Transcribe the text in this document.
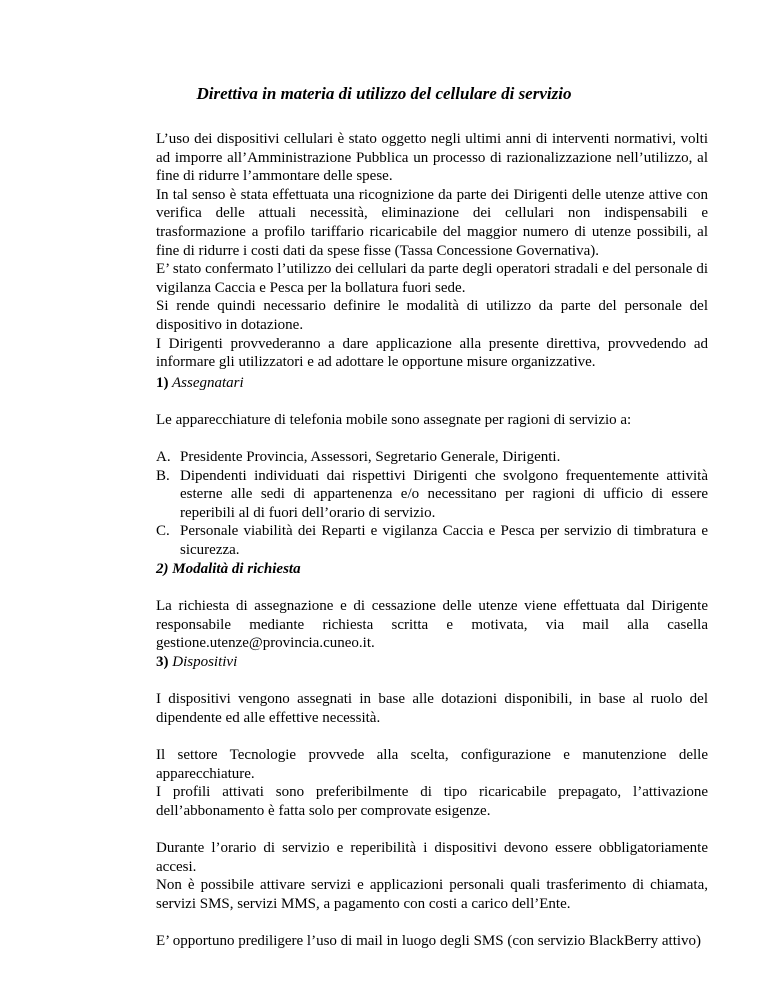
Direttiva in materia di utilizzo del cellulare di servizio
L’uso dei dispositivi cellulari è stato oggetto negli ultimi anni di interventi normativi, volti ad imporre all’Amministrazione Pubblica un processo di razionalizzazione nell’utilizzo, al fine di ridurre l’ammontare delle spese.
In tal senso è stata effettuata una ricognizione da parte dei Dirigenti delle utenze attive con verifica delle attuali necessità, eliminazione dei cellulari non indispensabili e trasformazione a profilo tariffario ricaricabile del maggior numero di utenze possibili, al fine di ridurre i costi dati da spese fisse (Tassa Concessione Governativa).
E’ stato confermato l’utilizzo dei cellulari da parte degli operatori stradali e del personale di vigilanza Caccia e Pesca per la bollatura fuori sede.
Si rende quindi necessario definire le modalità di utilizzo da parte del personale del dispositivo in dotazione.
I Dirigenti provvederanno a dare applicazione alla presente direttiva, provvedendo ad informare gli utilizzatori e ad adottare le opportune misure organizzative.
1) Assegnatari
Le apparecchiature di telefonia mobile sono assegnate per ragioni di servizio a:
A. Presidente Provincia, Assessori, Segretario Generale, Dirigenti.
B. Dipendenti individuati dai rispettivi Dirigenti che svolgono frequentemente attività esterne alle sedi di appartenenza e/o necessitano per ragioni di ufficio di essere reperibili al di fuori dell’orario di servizio.
C. Personale viabilità dei Reparti e vigilanza Caccia e Pesca per servizio di timbratura e sicurezza.
2) Modalità di richiesta
La richiesta di assegnazione e di cessazione delle utenze viene effettuata dal Dirigente responsabile mediante richiesta scritta e motivata, via mail alla casella gestione.utenze@provincia.cuneo.it.
3) Dispositivi
I dispositivi vengono assegnati in base alle dotazioni disponibili, in base al ruolo del dipendente ed alle effettive necessità.
Il settore Tecnologie provvede alla scelta, configurazione e manutenzione delle apparecchiature.
I profili attivati sono preferibilmente di tipo ricaricabile prepagato, l’attivazione dell’abbonamento è fatta solo per comprovate esigenze.
Durante l’orario di servizio e reperibilità i dispositivi devono essere obbligatoriamente accesi.
Non è possibile attivare servizi e applicazioni personali quali trasferimento di chiamata, servizi SMS, servizi MMS, a pagamento con costi a carico dell’Ente.
E’ opportuno prediligere l’uso di mail in luogo degli SMS (con servizio BlackBerry attivo)
